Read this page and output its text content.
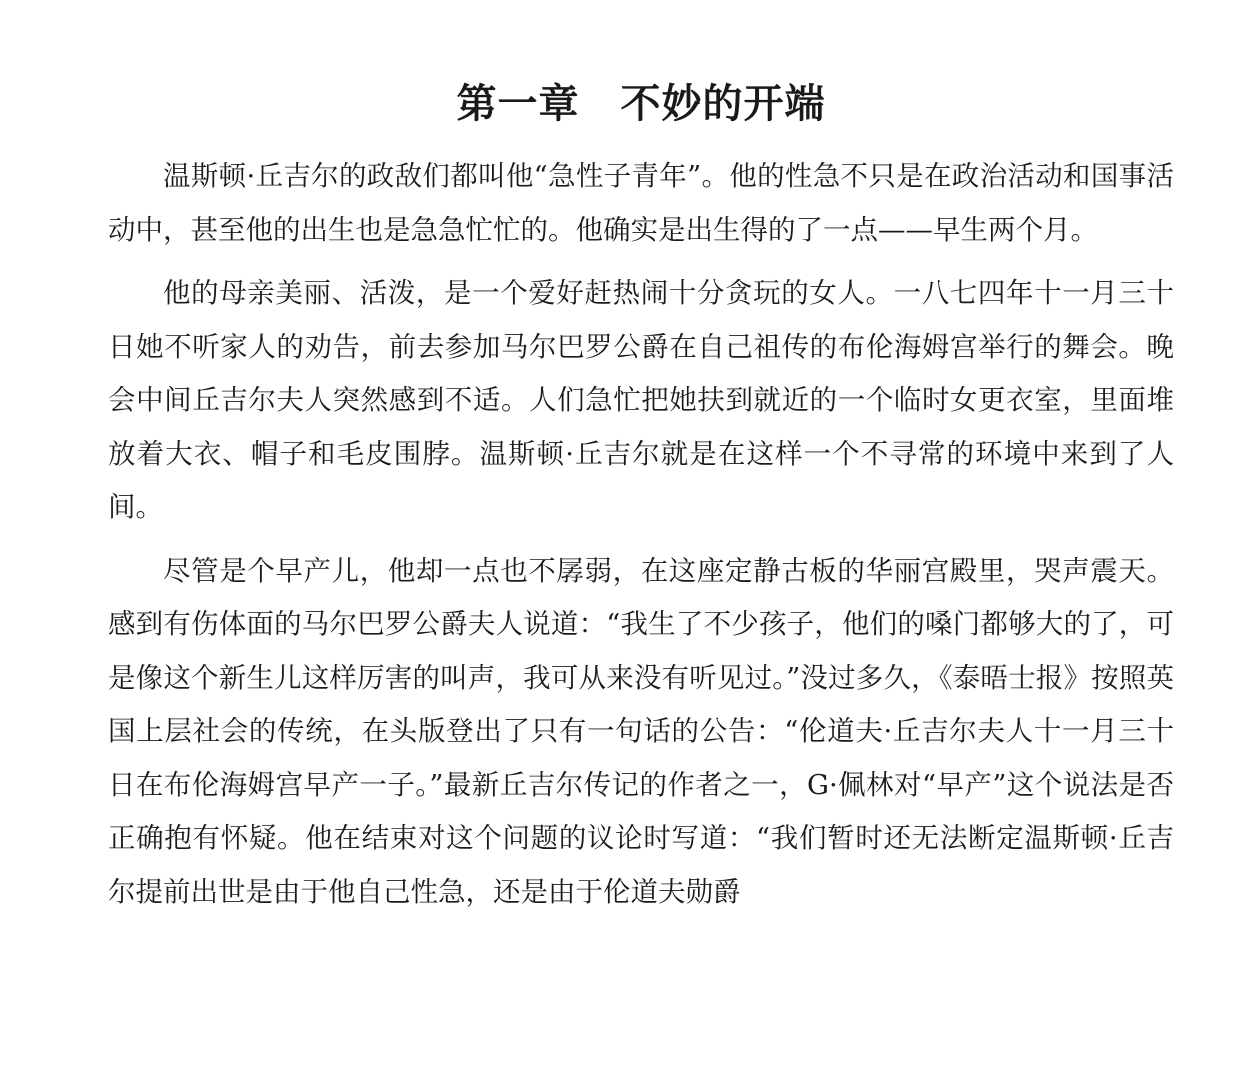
第一章　不妙的开端

温斯顿·丘吉尔的政敌们都叫他“急性子青年”。他的性急不只是在政治活动和国事活动中，甚至他的出生也是急急忙忙的。他确实是出生得的了一点——早生两个月。

他的母亲美丽、活泼，是一个爱好赶热闹十分贪玩的女人。一八七四年十一月三十日她不听家人的劝告，前去参加马尔巴罗公爵在自己祖传的布伦海姆宫举行的舞会。晚会中间丘吉尔夫人突然感到不适。人们急忙把她扶到就近的一个临时女更衣室，里面堆放着大衣、帽子和毛皮围脖。温斯顿·丘吉尔就是在这样一个不寻常的环境中来到了人间。

尽管是个早产儿，他却一点也不孱弱，在这座定静古板的华丽宫殿里，哭声震天。感到有伤体面的马尔巴罗公爵夫人说道：“我生了不少孩子，他们的嗓门都够大的了，可是像这个新生儿这样厉害的叫声，我可从来没有听见过。”没过多久，《泰晤士报》按照英国上层社会的传统，在头版登出了只有一句话的公告：“伦道夫·丘吉尔夫人十一月三十日在布伦海姆宫早产一子。”最新丘吉尔传记的作者之一，G·佩林对“早产”这个说法是否正确抱有怀疑。他在结束对这个问题的议论时写道：“我们暂时还无法断定温斯顿·丘吉尔提前出世是由于他自己性急，还是由于伦道夫勋爵
